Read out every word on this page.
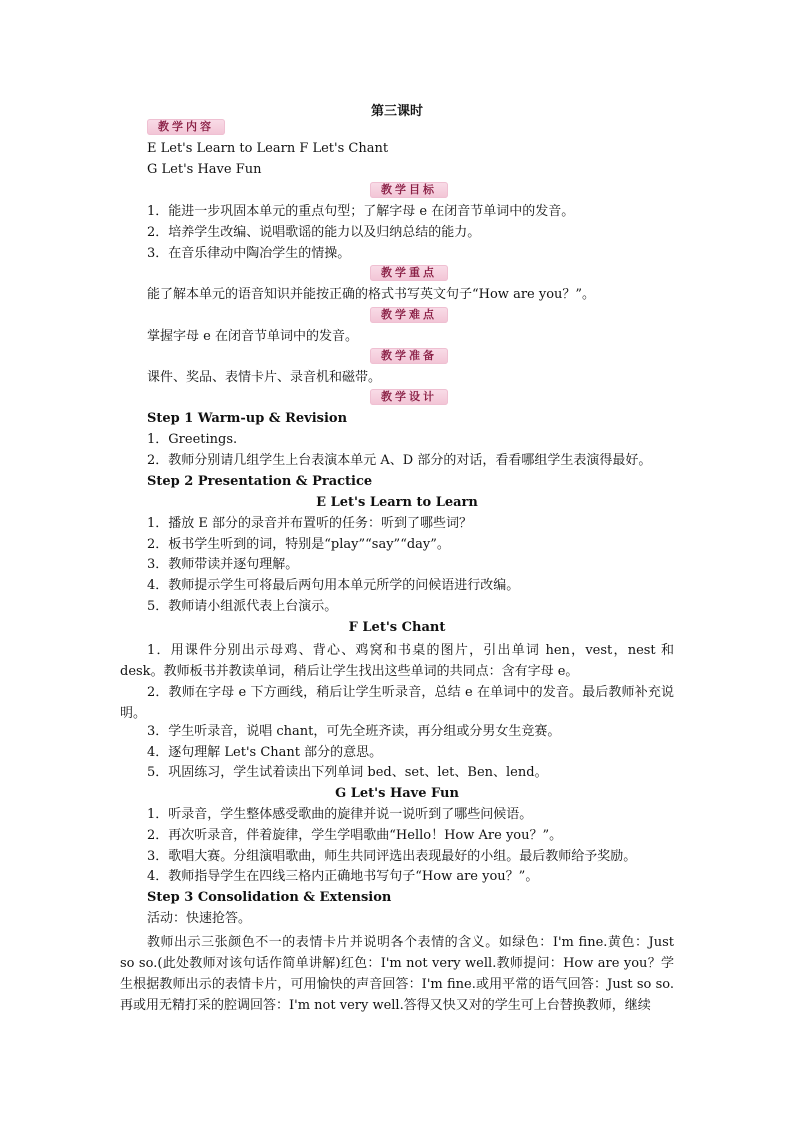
第三课时
教学内容
E Let's Learn to Learn F Let's Chant
G Let's Have Fun
教学目标
1．能进一步巩固本单元的重点句型；了解字母 e 在闭音节单词中的发音。
2．培养学生改编、说唱歌谣的能力以及归纳总结的能力。
3．在音乐律动中陶冶学生的情操。
教学重点
能了解本单元的语音知识并能按正确的格式书写英文句子“How are you？”。
教学难点
掌握字母 e 在闭音节单词中的发音。
教学准备
课件、奖品、表情卡片、录音机和磁带。
教学设计
Step 1 Warm-up & Revision
1．Greetings.
2．教师分别请几组学生上台表演本单元 A、D 部分的对话，看看哪组学生表演得最好。
Step 2 Presentation & Practice
E Let's Learn to Learn
1．播放 E 部分的录音并布置听的任务：听到了哪些词？
2．板书学生听到的词，特别是“play”“say”“day”。
3．教师带读并逐句理解。
4．教师提示学生可将最后两句用本单元所学的问候语进行改编。
5．教师请小组派代表上台演示。
F Let's Chant
1．用课件分别出示母鸡、背心、鸡窝和书桌的图片，引出单词 hen，vest，nest 和 desk。教师板书并教读单词，稍后让学生找出这些单词的共同点：含有字母 e。
2．教师在字母 e 下方画线，稍后让学生听录音，总结 e 在单词中的发音。最后教师补充说明。
3．学生听录音，说唱 chant，可先全班齐读，再分组或分男女生竞赛。
4．逐句理解 Let's Chant 部分的意思。
5．巩固练习，学生试着读出下列单词 bed、set、let、Ben、lend。
G Let's Have Fun
1．听录音，学生整体感受歌曲的旋律并说一说听到了哪些问候语。
2．再次听录音，伴着旋律，学生学唱歌曲“Hello！How Are you？”。
3．歌唱大赛。分组演唱歌曲，师生共同评选出表现最好的小组。最后教师给予奖励。
4．教师指导学生在四线三格内正确地书写句子“How are you？”。
Step 3 Consolidation & Extension
活动：快速抢答。
教师出示三张颜色不一的表情卡片并说明各个表情的含义。如绿色：I'm fine.黄色：Just so so.(此处教师对该句话作简单讲解)红色：I'm not very well.教师提问：How are you？学生根据教师出示的表情卡片，可用愉快的声音回答：I'm fine.或用平常的语气回答：Just so so.再或用无精打采的腔调回答：I'm not very well.答得又快又对的学生可上台替换教师，继续
